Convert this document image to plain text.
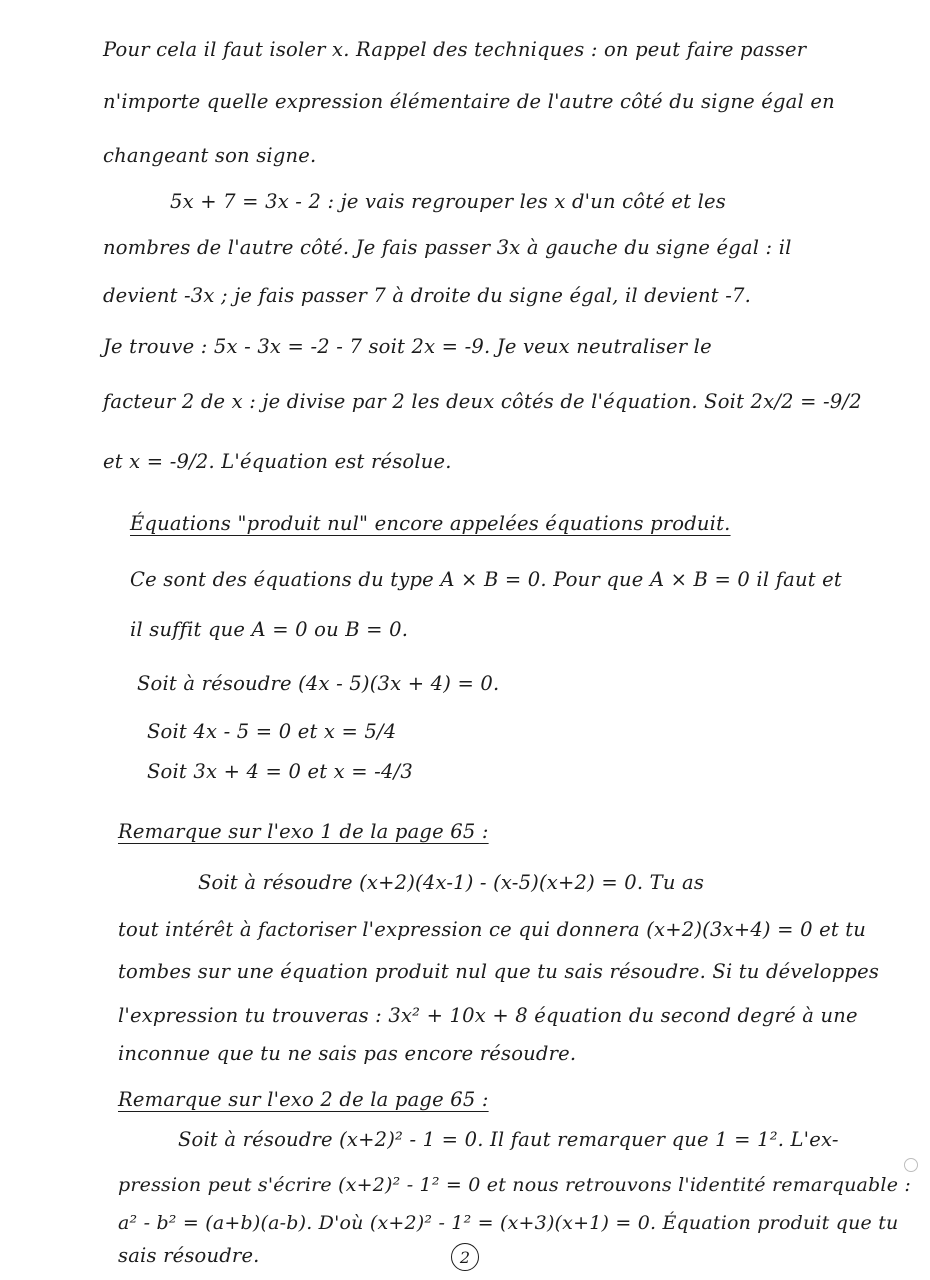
Pour cela il faut isoler x. Rappel des techniques : on peut faire passer
n'importe quelle expression élémentaire de l'autre côté du signe égal en
changeant son signe.
5x + 7 = 3x - 2 : je vais regrouper les x d'un côté et les
nombres de l'autre côté. Je fais passer 3x à gauche du signe égal : il
devient -3x ; je fais passer 7 à droite du signe égal, il devient -7.
Je trouve : 5x - 3x = -2 - 7 soit 2x = -9. Je veux neutraliser le
facteur 2 de x : je divise par 2 les deux côtés de l'équation. Soit 2x/2 = -9/2
et x = -9/2. L'équation est résolue.
Équations "produit nul" encore appelées équations produit.
Ce sont des équations du type A × B = 0. Pour que A × B = 0 il faut et
il suffit que A = 0 ou B = 0.
Soit à résoudre (4x - 5)(3x + 4) = 0.
Soit 4x - 5 = 0 et x = 5/4
Soit 3x + 4 = 0 et x = -4/3
Remarque sur l'exo 1 de la page 65 :
Soit à résoudre (x+2)(4x-1) - (x-5)(x+2) = 0. Tu as
tout intérêt à factoriser l'expression ce qui donnera (x+2)(3x+4) = 0 et tu
tombes sur une équation produit nul que tu sais résoudre. Si tu développes
l'expression tu trouveras : 3x² + 10x + 8 équation du second degré à une
inconnue que tu ne sais pas encore résoudre.
Remarque sur l'exo 2 de la page 65 :
Soit à résoudre (x+2)² - 1 = 0. Il faut remarquer que 1 = 1². L'ex-
pression peut s'écrire (x+2)² - 1² = 0 et nous retrouvons l'identité remarquable :
a² - b² = (a+b)(a-b). D'où (x+2)² - 1² = (x+3)(x+1) = 0. Équation produit que tu
sais résoudre.	2
